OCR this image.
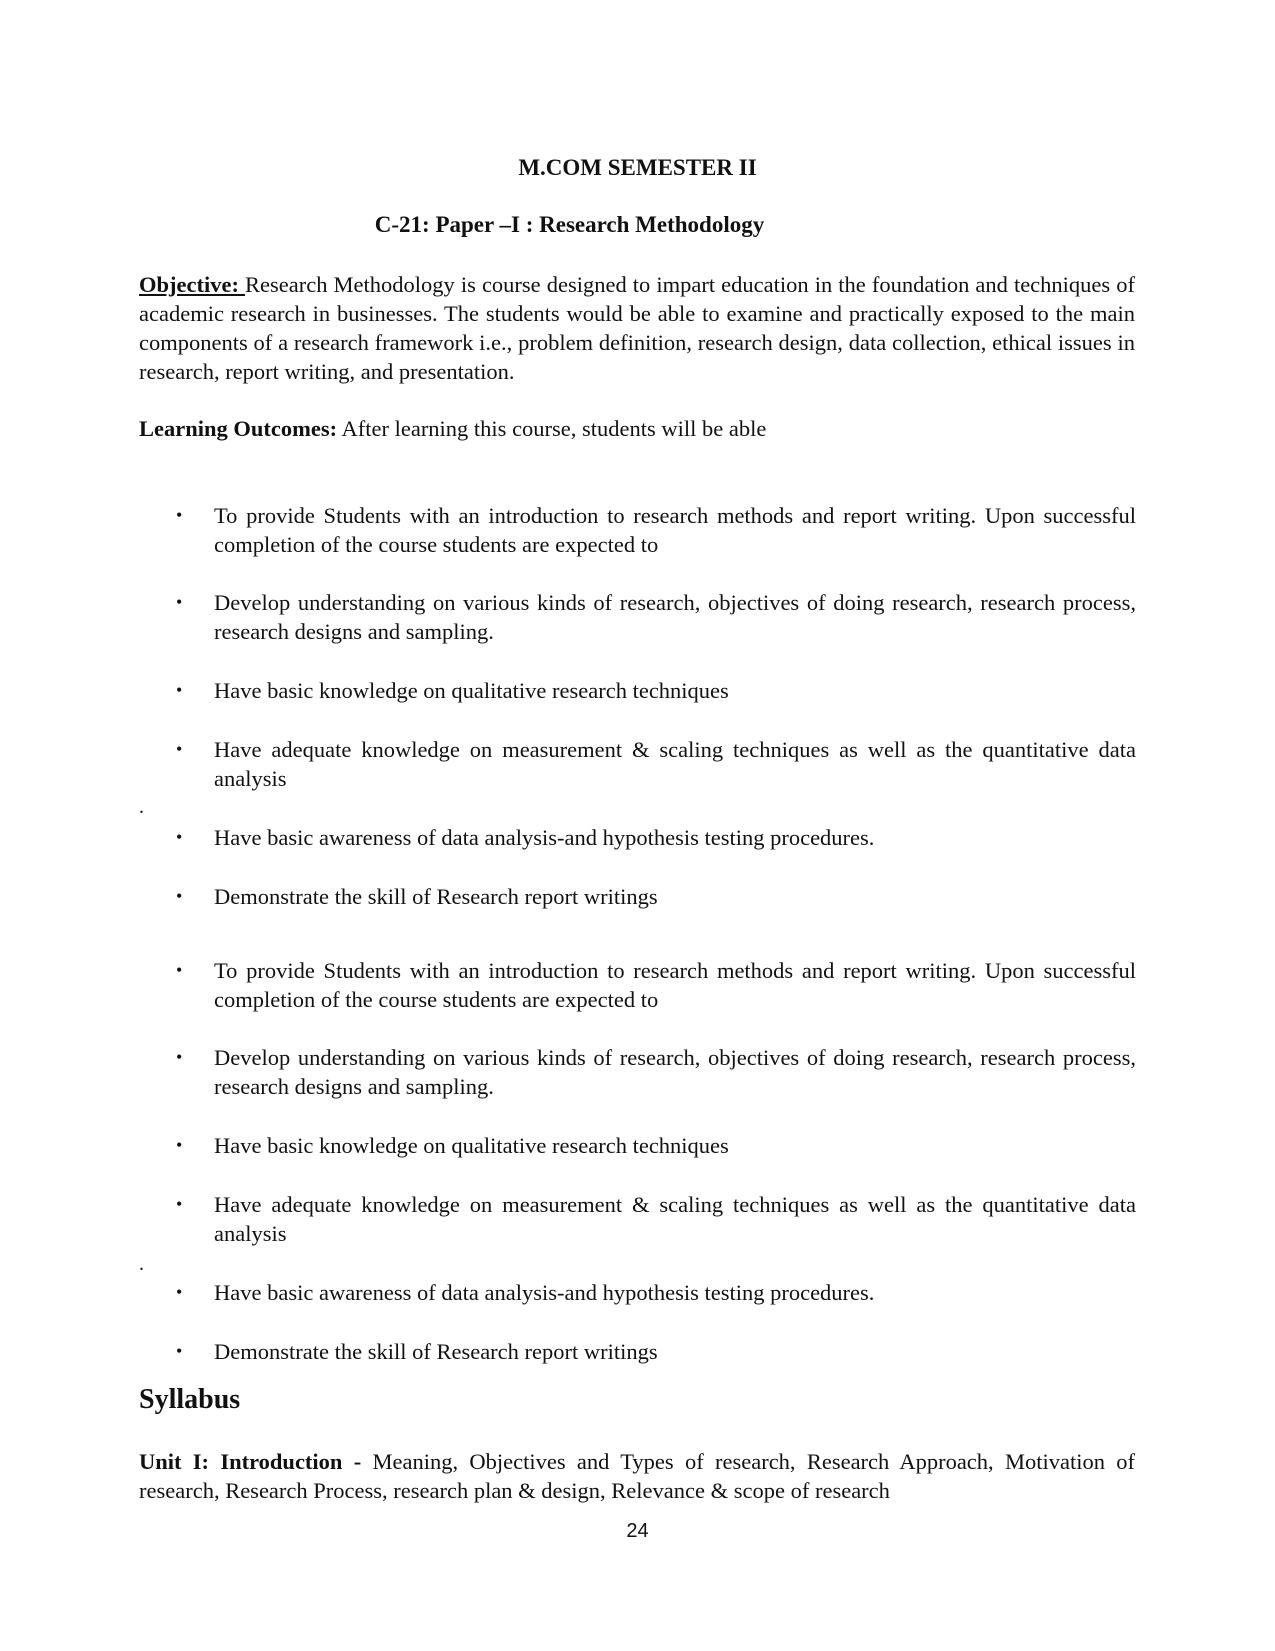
M.COM SEMESTER II

C-21: Paper –I : Research Methodology

Objective: Research Methodology is course designed to impart education in the foundation and techniques of academic research in businesses. The students would be able to examine and practically exposed to the main components of a research framework i.e., problem definition, research design, data collection, ethical issues in research, report writing, and presentation.

Learning Outcomes: After learning this course, students will be able

•	To provide Students with an introduction to research methods and report writing. Upon successful completion of the course students are expected to
•	Develop understanding on various kinds of research, objectives of doing research, research process, research designs and sampling.
•	Have basic knowledge on qualitative research techniques
•	Have adequate knowledge on measurement & scaling techniques as well as the quantitative data analysis
•	Have basic awareness of data analysis-and hypothesis testing procedures.
•	Demonstrate the skill of Research report writings
•	To provide Students with an introduction to research methods and report writing. Upon successful completion of the course students are expected to
•	Develop understanding on various kinds of research, objectives of doing research, research process, research designs and sampling.
•	Have basic knowledge on qualitative research techniques
•	Have adequate knowledge on measurement & scaling techniques as well as the quantitative data analysis
•	Have basic awareness of data analysis-and hypothesis testing procedures.
•	Demonstrate the skill of Research report writings
.
.
Syllabus

Unit I: Introduction - Meaning, Objectives and Types of research, Research Approach, Motivation of research, Research Process, research plan & design, Relevance & scope of research

24
